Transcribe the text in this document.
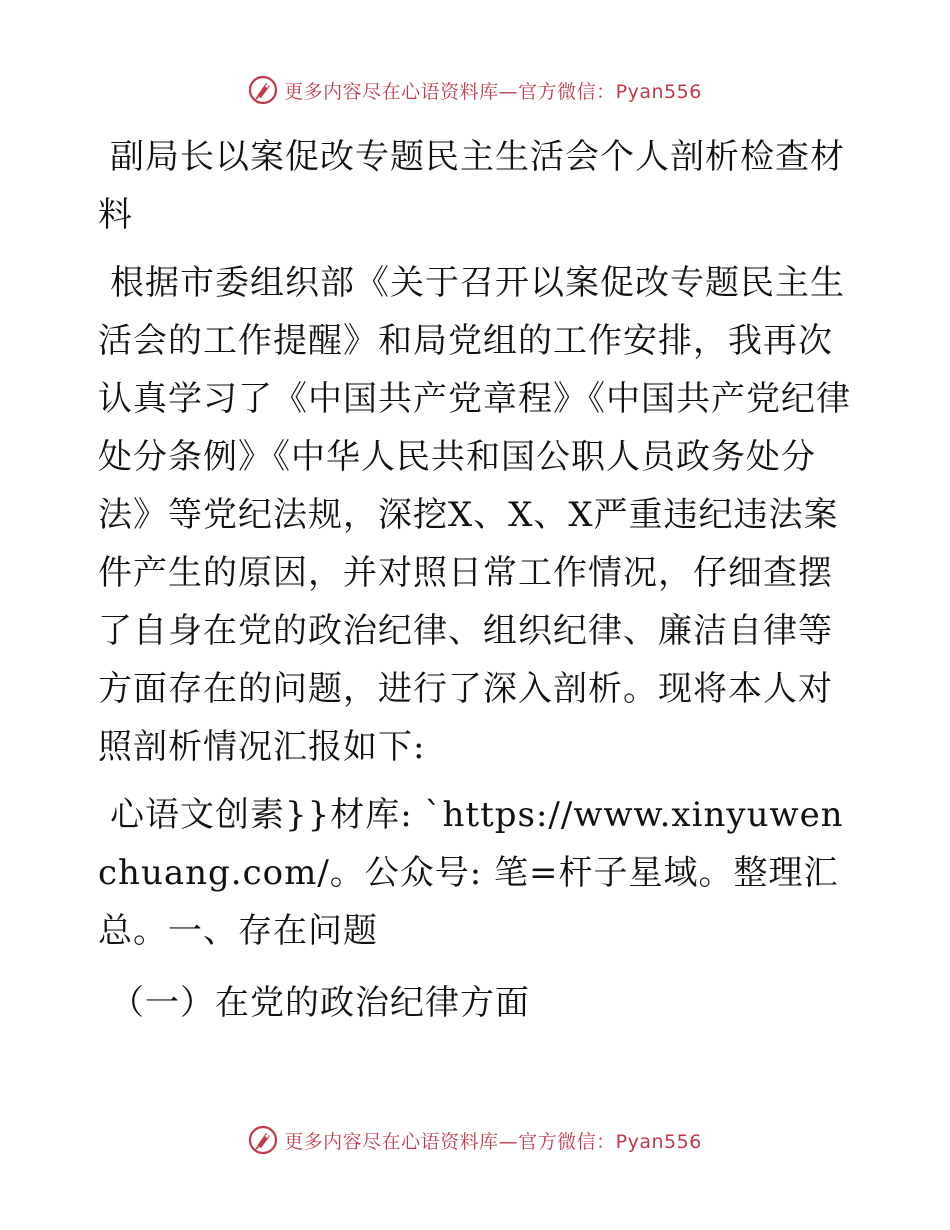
更多内容尽在心语资料库—官方微信：Pyan556

副局长以案促改专题民主生活会个人剖析检查材料

根据市委组织部《关于召开以案促改专题民主生活会的工作提醒》和局党组的工作安排，我再次认真学习了《中国共产党章程》《中国共产党纪律处分条例》《中华人民共和国公职人员政务处分法》等党纪法规，深挖X、X、X严重违纪违法案件产生的原因，并对照日常工作情况，仔细查摆了自身在党的政治纪律、组织纪律、廉洁自律等方面存在的问题，进行了深入剖析。现将本人对照剖析情况汇报如下:

心语文创素}}材库: `https://www.xinyuwenchuang.com/。公众号: 笔=杆子星域。整理汇总。一、存在问题

（一）在党的政治纪律方面

更多内容尽在心语资料库—官方微信：Pyan556
